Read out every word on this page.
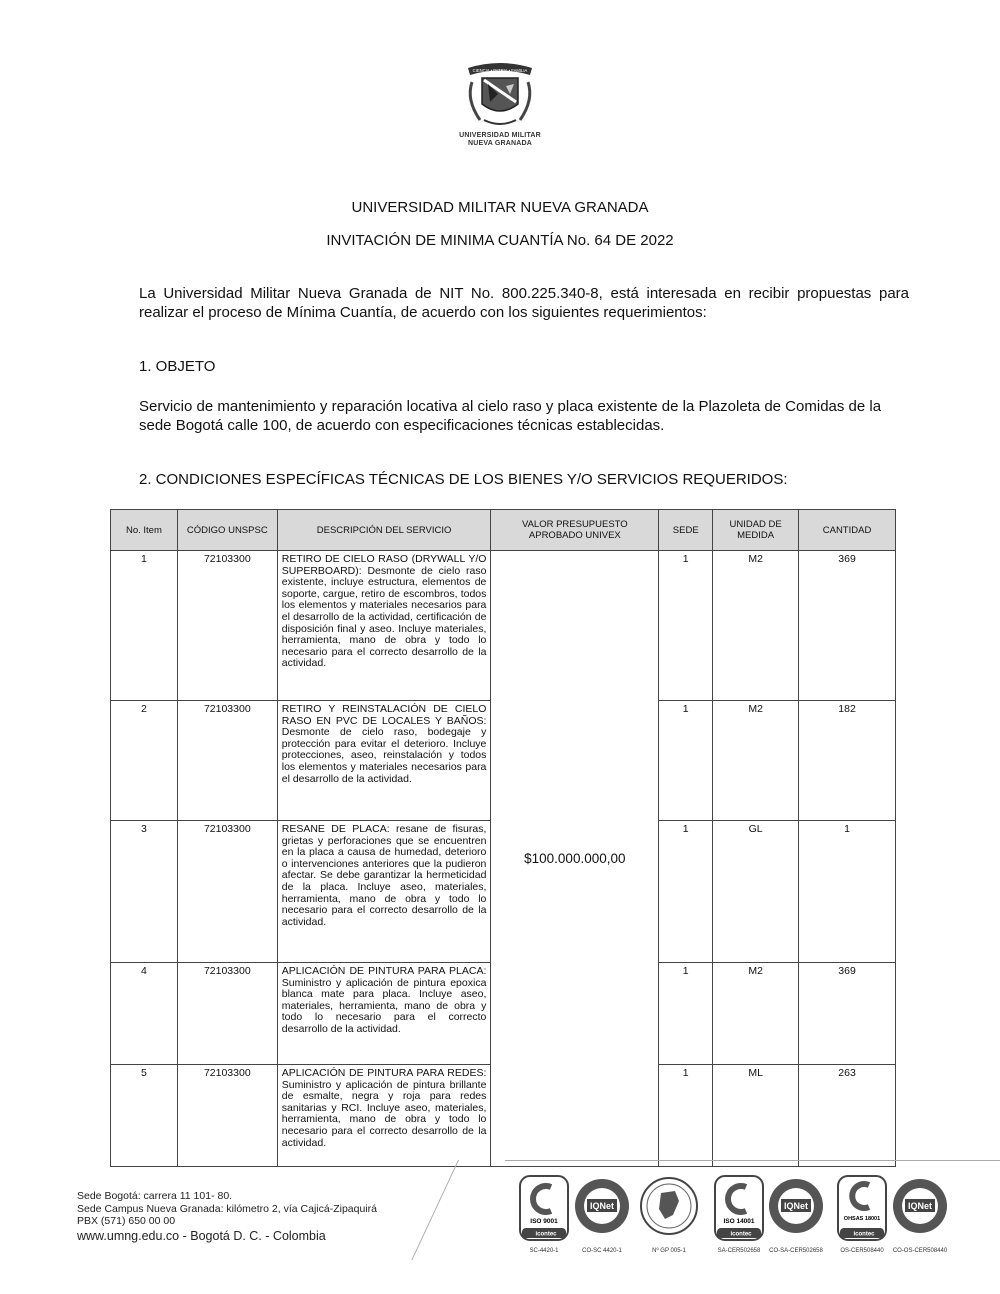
CIENCIA • PATRIA • FAMILIA
UNIVERSIDAD MILITAR
NUEVA GRANADA
UNIVERSIDAD MILITAR NUEVA GRANADA
INVITACIÓN DE MINIMA CUANTÍA No. 64 DE 2022
La Universidad Militar Nueva Granada de NIT No. 800.225.340-8, está interesada en recibir propuestas para realizar el proceso de Mínima Cuantía, de acuerdo con los siguientes requerimientos:
1. OBJETO
Servicio de mantenimiento y reparación locativa al cielo raso y placa existente de la Plazoleta de Comidas de la sede Bogotá calle 100, de acuerdo con especificaciones técnicas establecidas.
2. CONDICIONES ESPECÍFICAS TÉCNICAS DE LOS BIENES Y/O SERVICIOS REQUERIDOS:
No. Item	CÓDIGO UNSPSC	DESCRIPCIÓN DEL SERVICIO	VALOR PRESUPUESTO APROBADO UNIVEX	SEDE	UNIDAD DE MEDIDA	CANTIDAD
1	72103300	RETIRO DE CIELO RASO (DRYWALL Y/O SUPERBOARD): Desmonte de cielo raso existente, incluye estructura, elementos de soporte, cargue, retiro de escombros, todos los elementos y materiales necesarios para el desarrollo de la actividad, certificación de disposición final y aseo. Incluye materiales, herramienta, mano de obra y todo lo necesario para el correcto desarrollo de la actividad.	$100.000.000,00	1	M2	369
2	72103300	RETIRO Y REINSTALACIÓN DE CIELO RASO EN PVC DE LOCALES Y BAÑOS: Desmonte de cielo raso, bodegaje y protección para evitar el deterioro. Incluye protecciones, aseo, reinstalación y todos los elementos y materiales necesarios para el desarrollo de la actividad.		1	M2	182
3	72103300	RESANE DE PLACA: resane de fisuras, grietas y perforaciones que se encuentren en la placa a causa de humedad, deterioro o intervenciones anteriores que la pudieron afectar. Se debe garantizar la hermeticidad de la placa. Incluye aseo, materiales, herramienta, mano de obra y todo lo necesario para el correcto desarrollo de la actividad.		1	GL	1
4	72103300	APLICACIÓN DE PINTURA PARA PLACA: Suministro y aplicación de pintura epoxica blanca mate para placa. Incluye aseo, materiales, herramienta, mano de obra y todo lo necesario para el correcto desarrollo de la actividad.		1	M2	369
5	72103300	APLICACIÓN DE PINTURA PARA REDES: Suministro y aplicación de pintura brillante de esmalte, negra y roja para redes sanitarias y RCI. Incluye aseo, materiales, herramienta, mano de obra y todo lo necesario para el correcto desarrollo de la actividad.		1	ML	263
Sede Bogotá: carrera 11 101- 80.
Sede Campus Nueva Granada: kilómetro 2, vía Cajicá-Zipaquirá
PBX (571) 650 00 00
www.umng.edu.co - Bogotá D. C. - Colombia
ISO 9001
icontec
SC-4420-1
IQNet
CO-SC 4420-1	Nº GP 005-1
ISO 14001
icontec
SA-CER502658
IQNet
CO-SA-CER502658
OHSAS 18001
icontec
OS-CER508440
IQNet
CO-OS-CER508440
